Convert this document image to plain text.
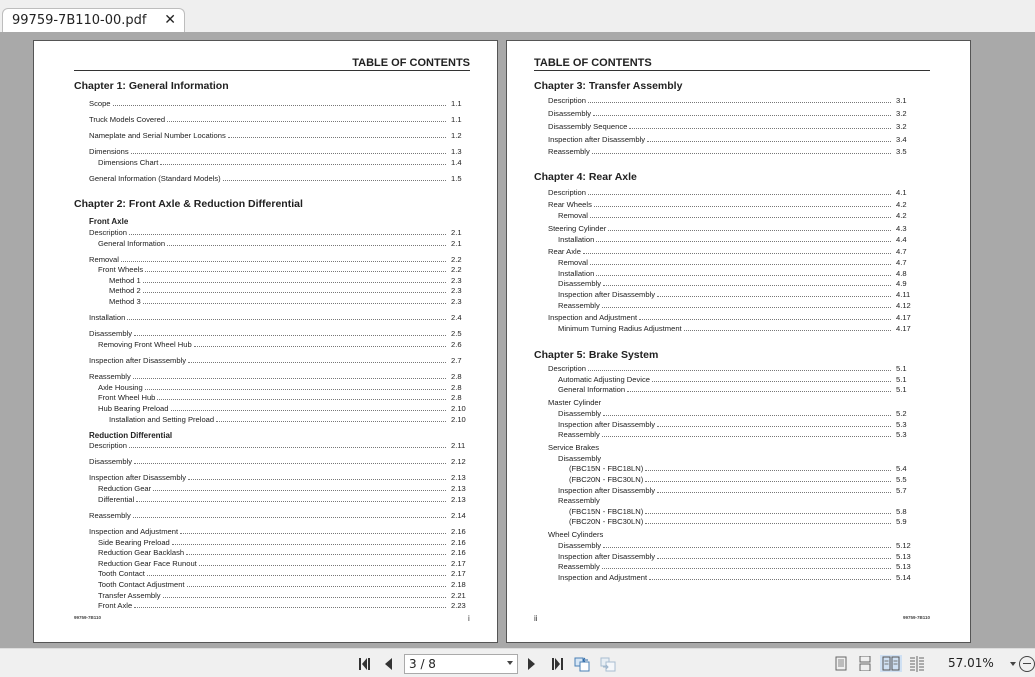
99759-7B110-00.pdf ✕
TABLE OF CONTENTS
Chapter 1: General Information
Scope	1.1
Truck Models Covered	1.1
Nameplate and Serial Number Locations	1.2
Dimensions	1.3
Dimensions Chart	1.4
General Information (Standard Models)	1.5
Chapter 2: Front Axle & Reduction Differential
Front Axle
Description	2.1
General Information	2.1
Removal	2.2
Front Wheels	2.2
Method 1	2.3
Method 2	2.3
Method 3	2.3
Installation	2.4
Disassembly	2.5
Removing Front Wheel Hub	2.6
Inspection after Disassembly	2.7
Reassembly	2.8
Axle Housing	2.8
Front Wheel Hub	2.8
Hub Bearing Preload	2.10
Installation and Setting Preload	2.10
Reduction Differential
Description	2.11
Disassembly	2.12
Inspection after Disassembly	2.13
Reduction Gear	2.13
Differential	2.13
Reassembly	2.14
Inspection and Adjustment	2.16
Side Bearing Preload	2.16
Reduction Gear Backlash	2.16
Reduction Gear Face Runout	2.17
Tooth Contact	2.17
Tooth Contact Adjustment	2.18
Transfer Assembly	2.21
Front Axle	2.23
99759-7B110	i
TABLE OF CONTENTS
Chapter 3: Transfer Assembly
Description	3.1
Disassembly	3.2
Disassembly Sequence	3.2
Inspection after Disassembly	3.4
Reassembly	3.5
Chapter 4: Rear Axle
Description	4.1
Rear Wheels	4.2
Removal	4.2
Steering Cylinder	4.3
Installation	4.4
Rear Axle	4.7
Removal	4.7
Installation	4.8
Disassembly	4.9
Inspection after Disassembly	4.11
Reassembly	4.12
Inspection and Adjustment	4.17
Minimum Turning Radius Adjustment	4.17
Chapter 5: Brake System
Description	5.1
Automatic Adjusting Device	5.1
General Information	5.1
Master Cylinder
Disassembly	5.2
Inspection after Disassembly	5.3
Reassembly	5.3
Service Brakes
Disassembly
(FBC15N - FBC18LN)	5.4
(FBC20N - FBC30LN)	5.5
Inspection after Disassembly	5.7
Reassembly
(FBC15N - FBC18LN)	5.8
(FBC20N - FBC30LN)	5.9
Wheel Cylinders
Disassembly	5.12
Inspection after Disassembly	5.13
Reassembly	5.13
Inspection and Adjustment	5.14
ii	99759-7B110
3 / 8	57.01%
